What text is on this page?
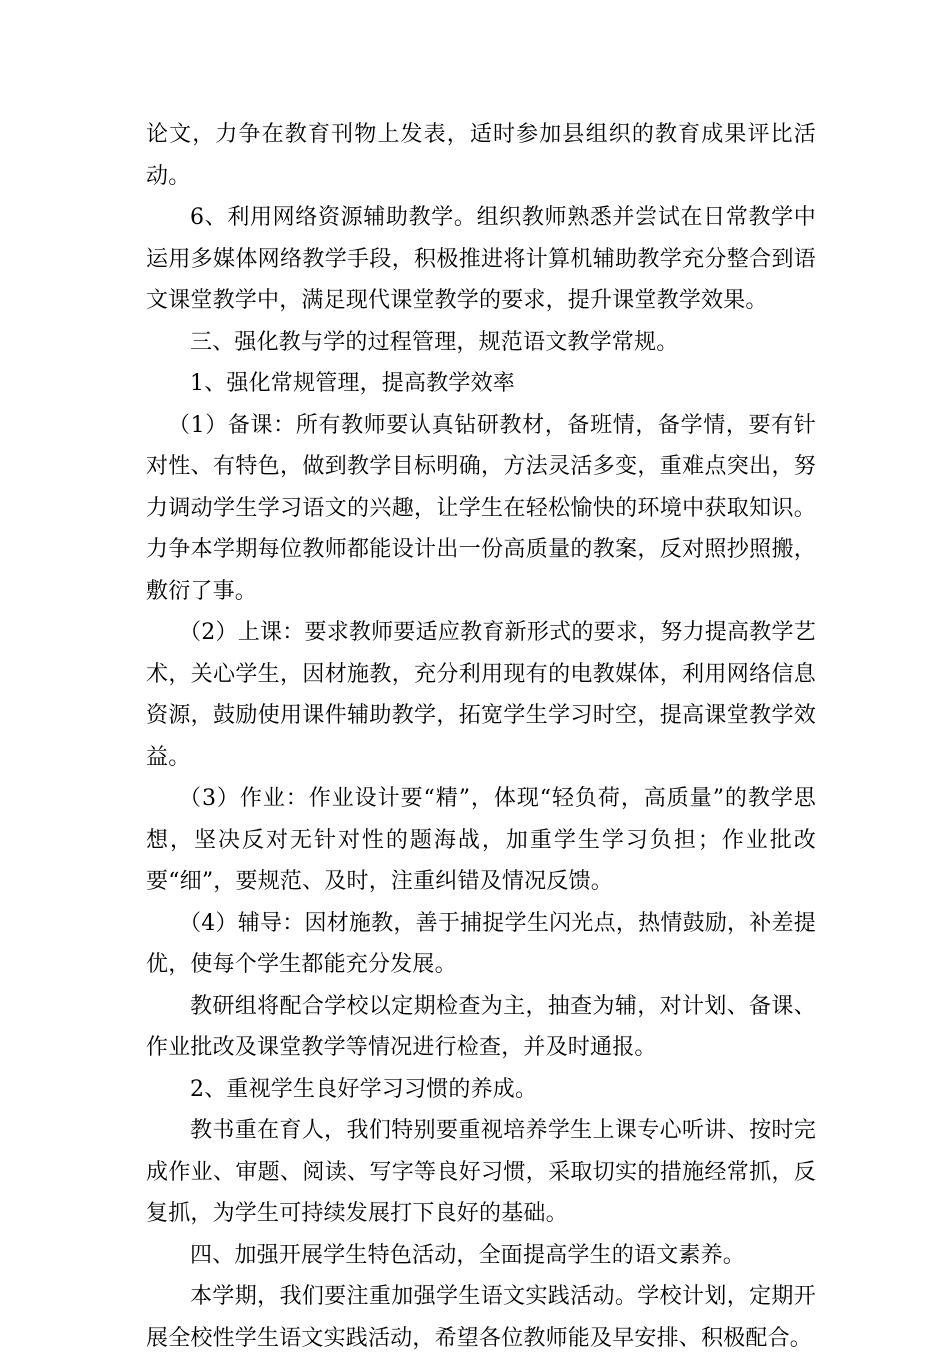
论文，力争在教育刊物上发表，适时参加县组织的教育成果评比活动。

6、利用网络资源辅助教学。组织教师熟悉并尝试在日常教学中运用多媒体网络教学手段，积极推进将计算机辅助教学充分整合到语文课堂教学中，满足现代课堂教学的要求，提升课堂教学效果。

三、强化教与学的过程管理，规范语文教学常规。

1、强化常规管理，提高教学效率

（1）备课：所有教师要认真钻研教材，备班情，备学情，要有针对性、有特色，做到教学目标明确，方法灵活多变，重难点突出，努力调动学生学习语文的兴趣，让学生在轻松愉快的环境中获取知识。力争本学期每位教师都能设计出一份高质量的教案，反对照抄照搬，敷衍了事。

（2）上课：要求教师要适应教育新形式的要求，努力提高教学艺术，关心学生，因材施教，充分利用现有的电教媒体，利用网络信息资源，鼓励使用课件辅助教学，拓宽学生学习时空，提高课堂教学效益。

（3）作业：作业设计要“精”，体现“轻负荷，高质量”的教学思想，坚决反对无针对性的题海战，加重学生学习负担；作业批改要“细”，要规范、及时，注重纠错及情况反馈。

（4）辅导：因材施教，善于捕捉学生闪光点，热情鼓励，补差提优，使每个学生都能充分发展。

教研组将配合学校以定期检查为主，抽查为辅，对计划、备课、作业批改及课堂教学等情况进行检查，并及时通报。

2、重视学生良好学习习惯的养成。

教书重在育人，我们特别要重视培养学生上课专心听讲、按时完成作业、审题、阅读、写字等良好习惯，采取切实的措施经常抓，反复抓，为学生可持续发展打下良好的基础。

四、加强开展学生特色活动，全面提高学生的语文素养。

本学期，我们要注重加强学生语文实践活动。学校计划，定期开展全校性学生语文实践活动，希望各位教师能及早安排、积极配合。
